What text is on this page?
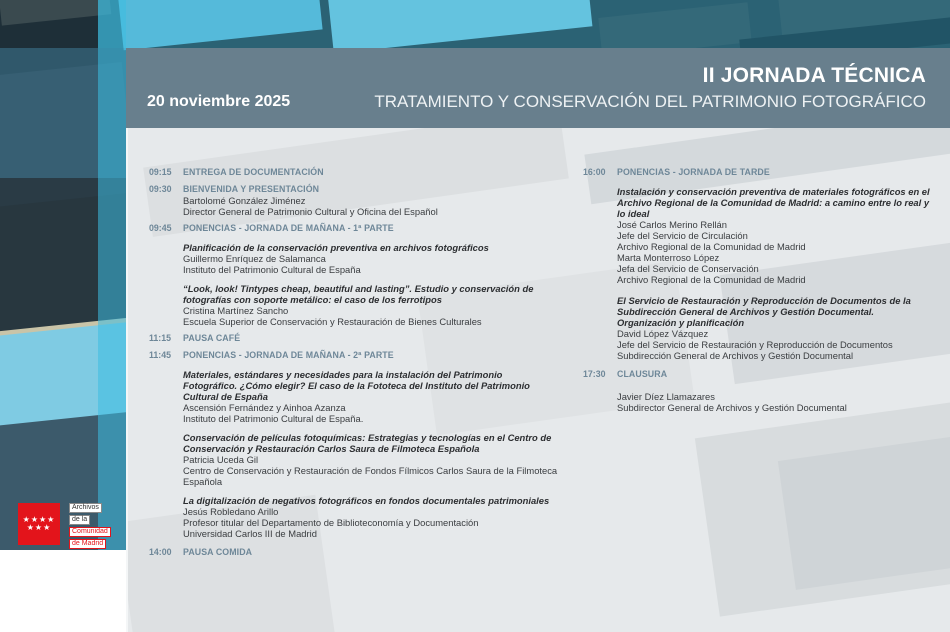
II JORNADA TÉCNICA
20 noviembre 2025	TRATAMIENTO Y CONSERVACIÓN DEL PATRIMONIO FOTOGRÁFICO
09:15	ENTREGA DE DOCUMENTACIÓN
09:30	BIENVENIDA Y PRESENTACIÓN
Bartolomé González Jiménez
Director General de Patrimonio Cultural y Oficina del Español
09:45	PONENCIAS - JORNADA DE MAÑANA - 1ª PARTE
Planificación de la conservación preventiva en archivos fotográficos
Guillermo Enríquez de Salamanca
Instituto del Patrimonio Cultural de España
“Look, look! Tintypes cheap, beautiful and lasting”. Estudio y conservación de fotografías con soporte metálico: el caso de los ferrotipos
Cristina Martínez Sancho
Escuela Superior de Conservación y Restauración de Bienes Culturales
11:15	PAUSA CAFÉ
11:45	PONENCIAS - JORNADA DE MAÑANA - 2ª PARTE
Materiales, estándares y necesidades para la instalación del Patrimonio Fotográfico. ¿Cómo elegir? El caso de la Fototeca del Instituto del Patrimonio Cultural de España
Ascensión Fernández y Ainhoa Azanza
Instituto del Patrimonio Cultural de España.
Conservación de películas fotoquímicas: Estrategias y tecnologías en el Centro de Conservación y Restauración Carlos Saura de Filmoteca Española
Patricia Uceda Gil
Centro de Conservación y Restauración de Fondos Fílmicos Carlos Saura de la Filmoteca Española
La digitalización de negativos fotográficos en fondos documentales patrimoniales
Jesús Robledano Arillo
Profesor titular del Departamento de Biblioteconomía y Documentación
Universidad Carlos III de Madrid
14:00	PAUSA COMIDA
16:00	PONENCIAS - JORNADA DE TARDE
Instalación y conservación preventiva de materiales fotográficos en el Archivo Regional de la Comunidad de Madrid: a camino entre lo real y lo ideal
José Carlos Merino Rellán
Jefe del Servicio de Circulación
Archivo Regional de la Comunidad de Madrid
Marta Monterroso López
Jefa del Servicio de Conservación
Archivo Regional de la Comunidad de Madrid
El Servicio de Restauración y Reproducción de Documentos de la Subdirección General de Archivos y Gestión Documental. Organización y planificación
David López Vázquez
Jefe del Servicio de Restauración y Reproducción de Documentos
Subdirección General de Archivos y Gestión Documental
17:30	CLAUSURA
Javier Díez Llamazares
Subdirector General de Archivos y Gestión Documental
★★★★
★★★
Archivos
de la
Comunidad
de Madrid
